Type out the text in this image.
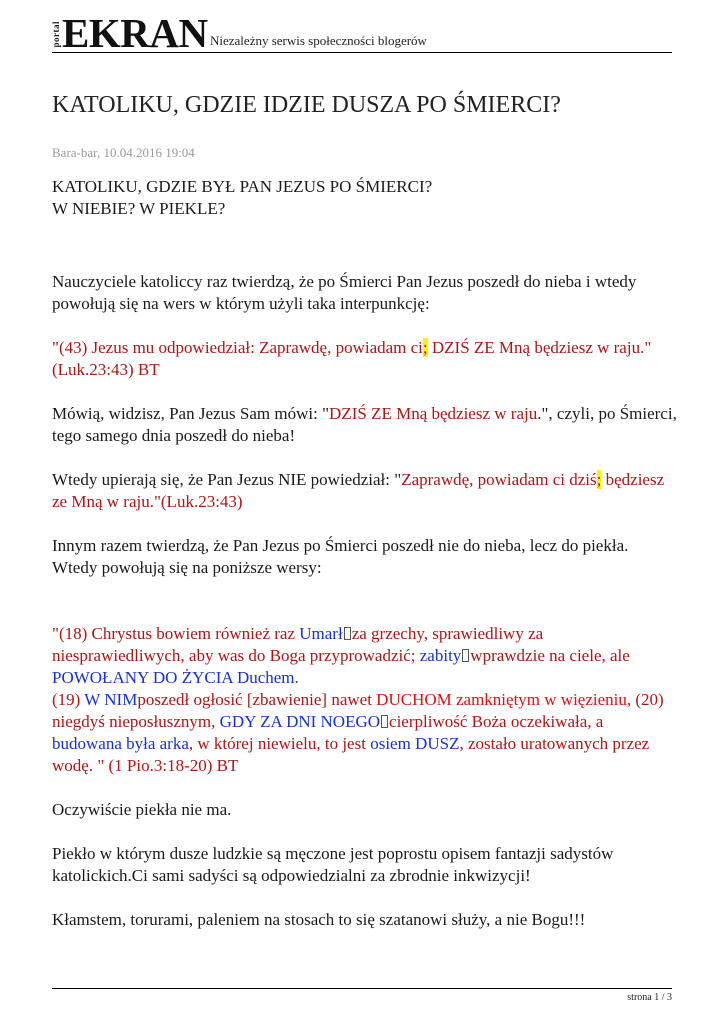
portal EKRAN Niezależny serwis społeczności blogerów
KATOLIKU, GDZIE IDZIE DUSZA PO ŚMIERCI?
Bara-bar, 10.04.2016 19:04

KATOLIKU, GDZIE BYŁ PAN JEZUS PO ŚMIERCI?
W NIEBIE? W PIEKLE?

Nauczyciele katoliccy raz twierdzą, że po Śmierci Pan Jezus poszedł do nieba i wtedy powołują się na wers w którym użyli taka interpunkcję:

"(43) Jezus mu odpowiedział: Zaprawdę, powiadam ci; DZIŚ ZE Mną będziesz w raju."(Luk.23:43) BT

Mówią, widzisz, Pan Jezus Sam mówi: "DZIŚ ZE Mną będziesz w raju.", czyli, po Śmierci, tego samego dnia poszedł do nieba!

Wtedy upierają się, że Pan Jezus NIE powiedział: "Zaprawdę, powiadam ci dziś; będziesz ze Mną w raju."(Luk.23:43)

Innym razem twierdzą, że Pan Jezus po Śmierci poszedł nie do nieba, lecz do piekła. Wtedy powołują się na poniższe wersy:

"(18) Chrystus bowiem również raz Umarł za grzechy, sprawiedliwy za niesprawiedliwych, aby was do Boga przyprowadzić; zabity wprawdzie na ciele, ale POWOŁANY DO ŻYCIA Duchem.
(19) W NIMposzedł ogłosić [zbawienie] nawet DUCHOM zamkniętym w więzieniu, (20) niegdyś nieposłusznym, GDY ZA DNI NOEGO cierpliwość Boża oczekiwała, a budowana była arka, w której niewielu, to jest osiem DUSZ, zostało uratowanych przez wodę. " (1 Pio.3:18-20) BT

Oczywiście piekła nie ma.

Piekło w którym dusze ludzkie są męczone jest poprostu opisem fantazji sadystów katolickich.Ci sami sadyści są odpowiedzialni za zbrodnie inkwizycji!

Kłamstem, torurami, paleniem na stosach to się szatanowi służy, a nie Bogu!!!

strona 1 / 3
